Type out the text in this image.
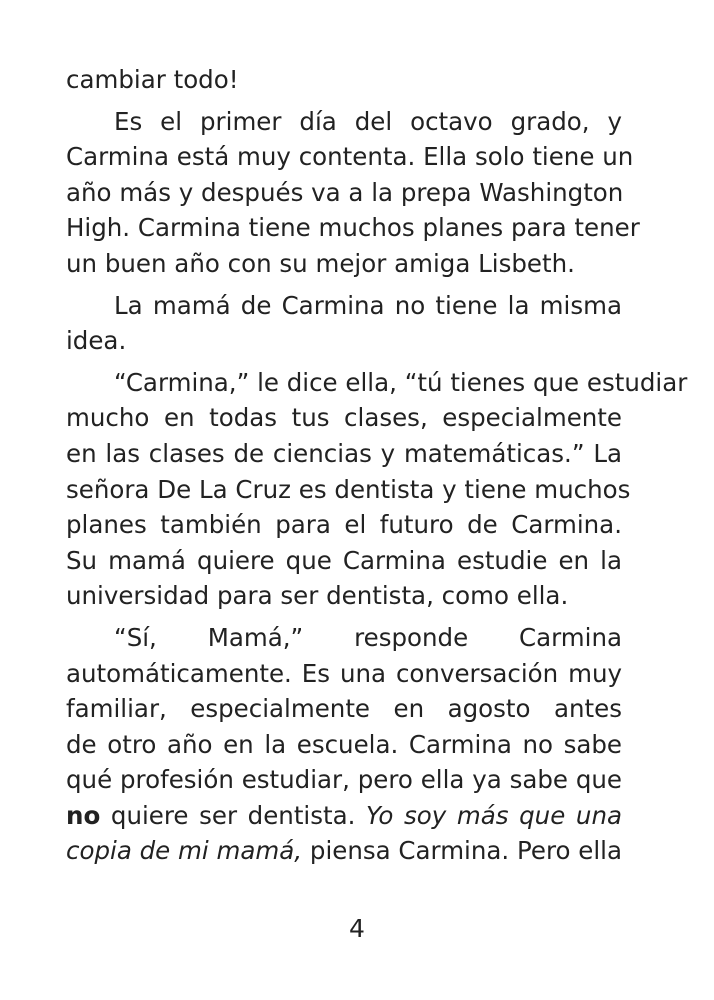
cambiar todo!
Es el primer día del octavo grado, y
Carmina está muy contenta. Ella solo tiene un
año más y después va a la prepa Washington
High. Carmina tiene muchos planes para tener
un buen año con su mejor amiga Lisbeth.
La mamá de Carmina no tiene la misma
idea.
“Carmina,” le dice ella, “tú tienes que estudiar
mucho en todas tus clases, especialmente
en las clases de ciencias y matemáticas.” La
señora De La Cruz es dentista y tiene muchos
planes también para el futuro de Carmina.
Su mamá quiere que Carmina estudie en la
universidad para ser dentista, como ella.
“Sí, Mamá,” responde Carmina
automáticamente. Es una conversación muy
familiar, especialmente en agosto antes
de otro año en la escuela. Carmina no sabe
qué profesión estudiar, pero ella ya sabe que
no quiere ser dentista. Yo soy más que una
copia de mi mamá, piensa Carmina. Pero ella
4
